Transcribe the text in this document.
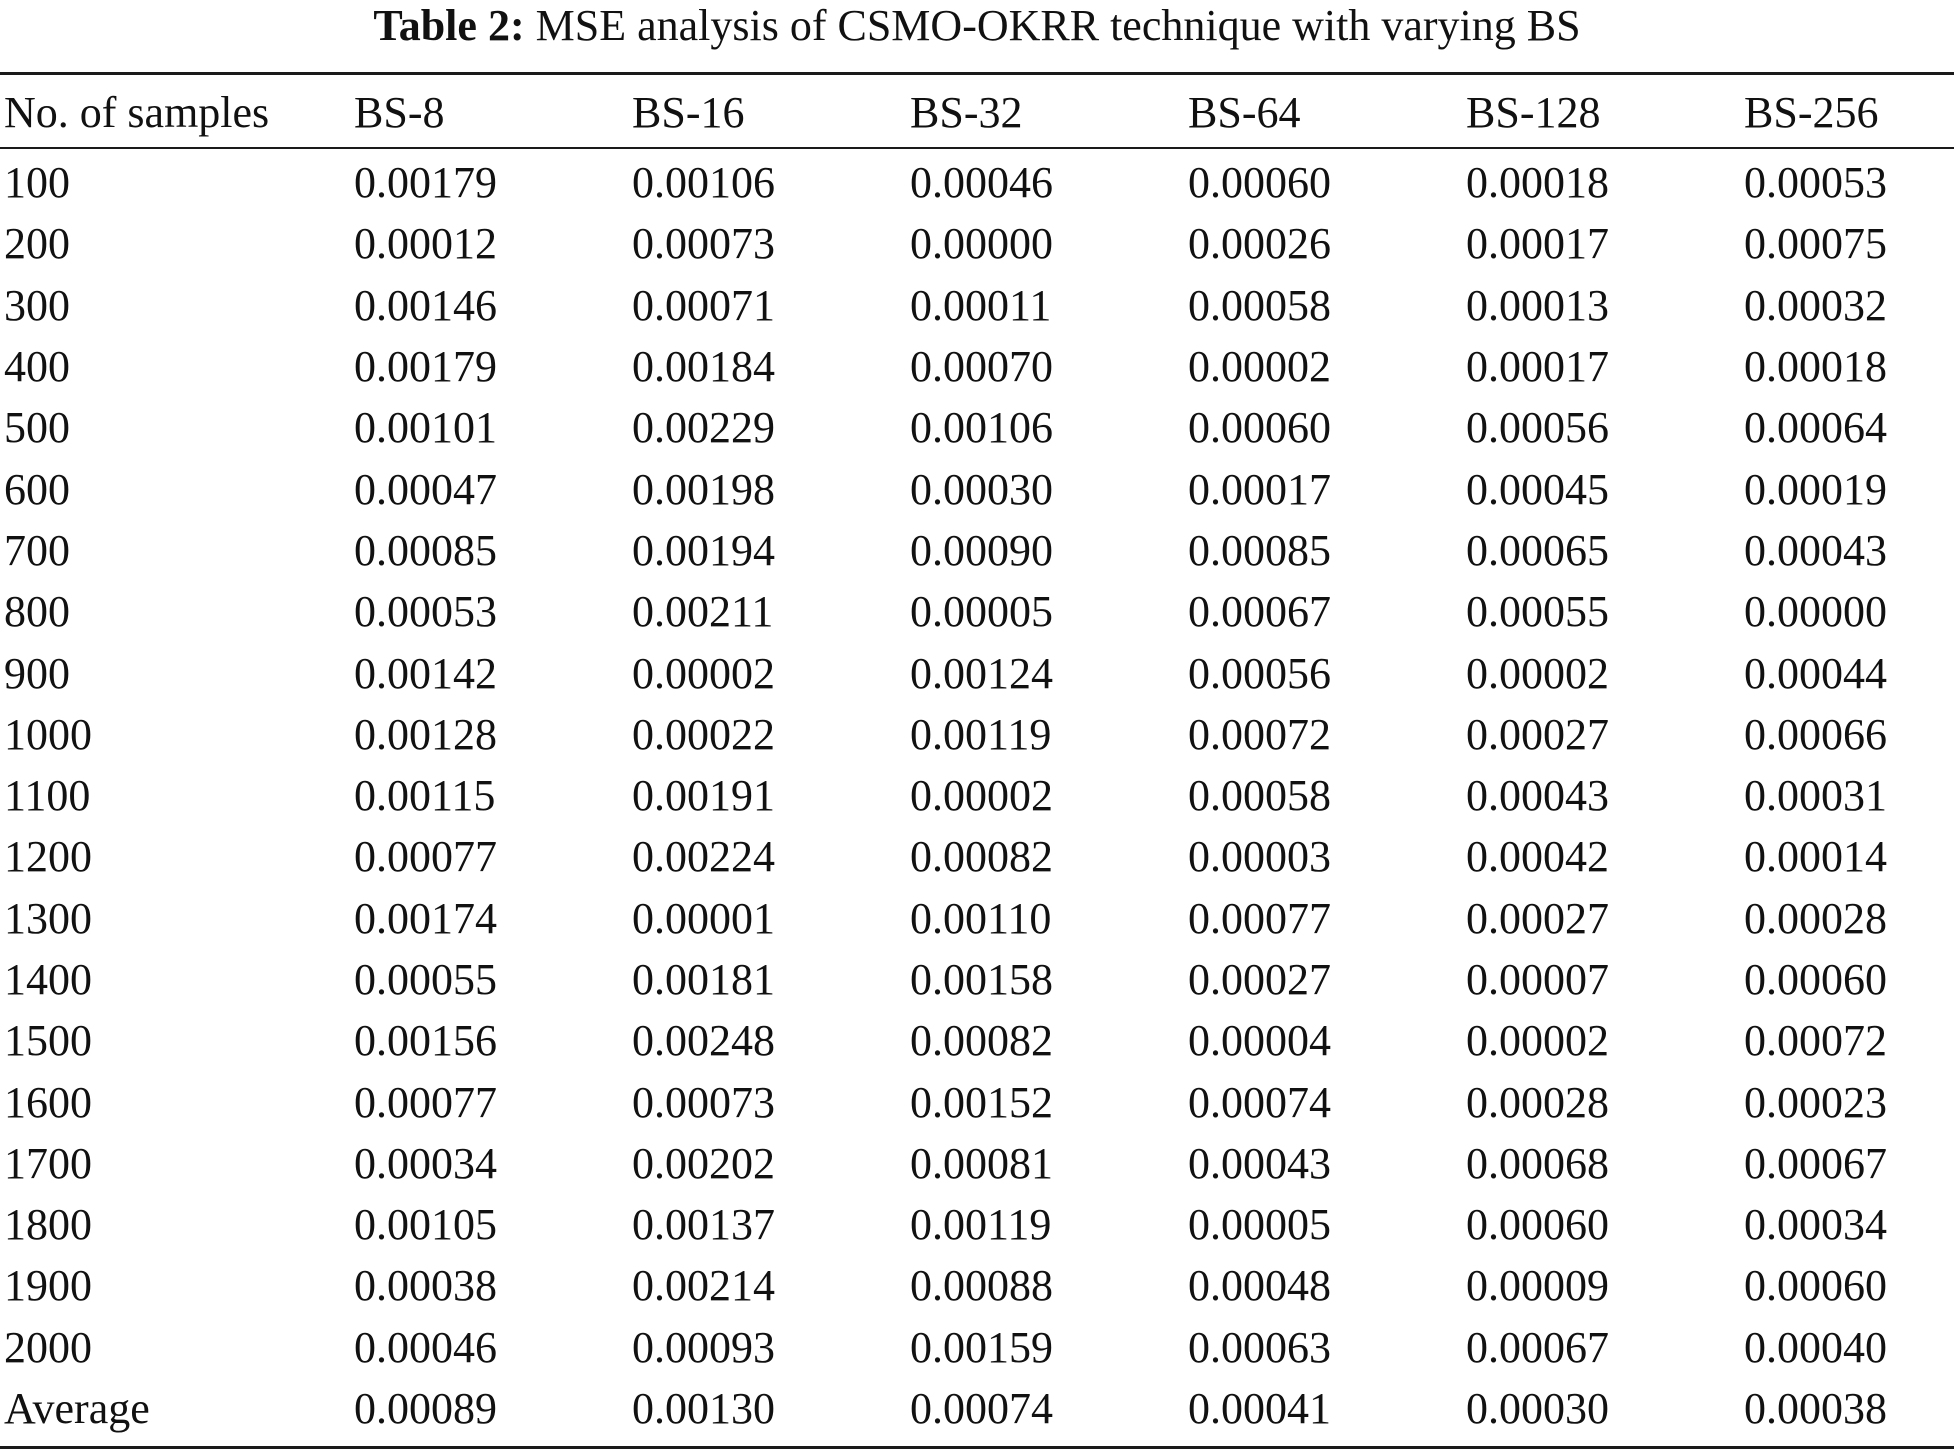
Table 2: MSE analysis of CSMO-OKRR technique with varying BS
No. of samples	BS-8	BS-16	BS-32	BS-64	BS-128	BS-256
100	0.00179	0.00106	0.00046	0.00060	0.00018	0.00053
200	0.00012	0.00073	0.00000	0.00026	0.00017	0.00075
300	0.00146	0.00071	0.00011	0.00058	0.00013	0.00032
400	0.00179	0.00184	0.00070	0.00002	0.00017	0.00018
500	0.00101	0.00229	0.00106	0.00060	0.00056	0.00064
600	0.00047	0.00198	0.00030	0.00017	0.00045	0.00019
700	0.00085	0.00194	0.00090	0.00085	0.00065	0.00043
800	0.00053	0.00211	0.00005	0.00067	0.00055	0.00000
900	0.00142	0.00002	0.00124	0.00056	0.00002	0.00044
1000	0.00128	0.00022	0.00119	0.00072	0.00027	0.00066
1100	0.00115	0.00191	0.00002	0.00058	0.00043	0.00031
1200	0.00077	0.00224	0.00082	0.00003	0.00042	0.00014
1300	0.00174	0.00001	0.00110	0.00077	0.00027	0.00028
1400	0.00055	0.00181	0.00158	0.00027	0.00007	0.00060
1500	0.00156	0.00248	0.00082	0.00004	0.00002	0.00072
1600	0.00077	0.00073	0.00152	0.00074	0.00028	0.00023
1700	0.00034	0.00202	0.00081	0.00043	0.00068	0.00067
1800	0.00105	0.00137	0.00119	0.00005	0.00060	0.00034
1900	0.00038	0.00214	0.00088	0.00048	0.00009	0.00060
2000	0.00046	0.00093	0.00159	0.00063	0.00067	0.00040
Average	0.00089	0.00130	0.00074	0.00041	0.00030	0.00038
